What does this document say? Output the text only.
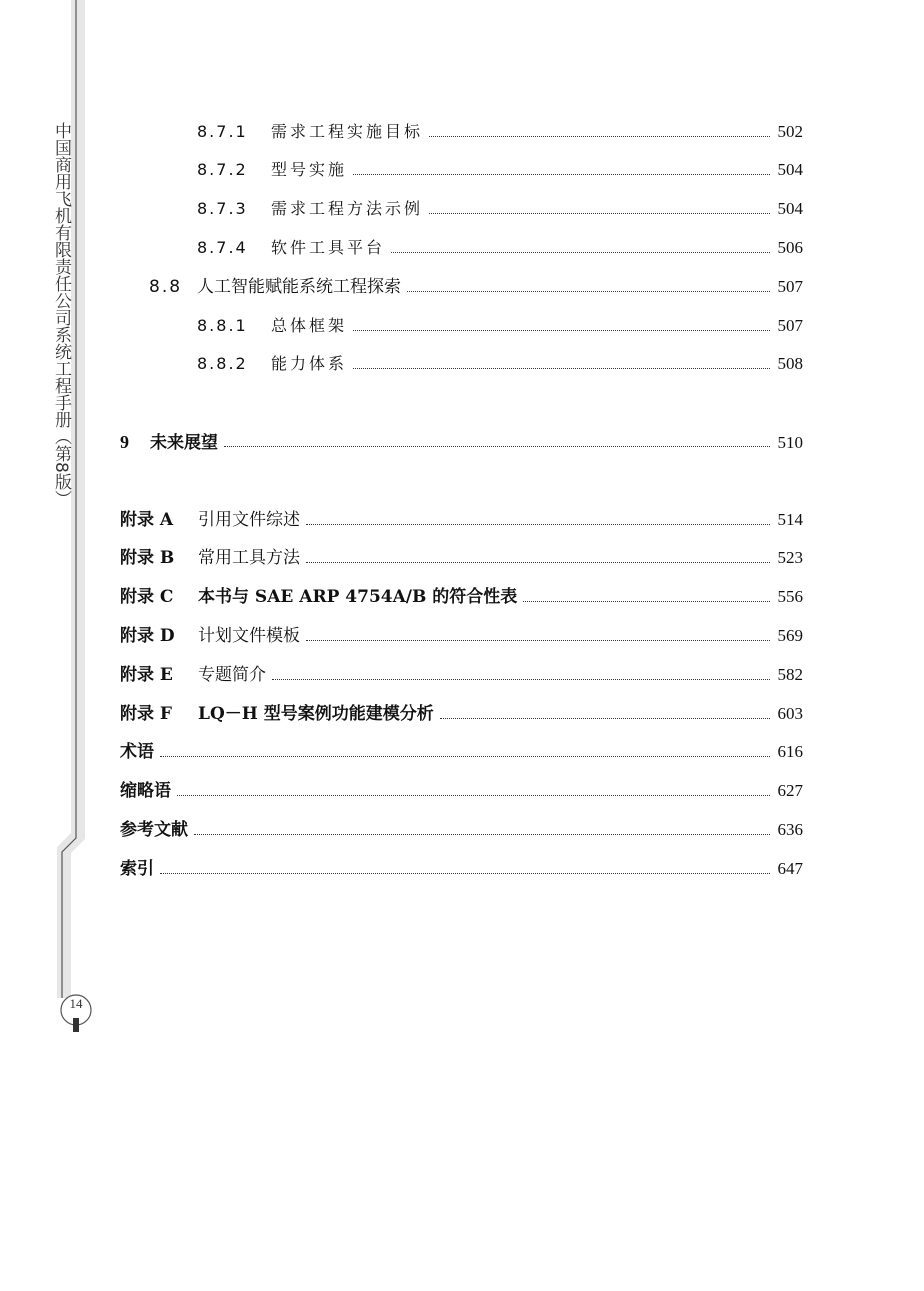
中国商用飞机有限责任公司系统工程手册（第8版）
14
8.7.1	需求工程实施目标	502
8.7.2	型号实施	504
8.7.3	需求工程方法示例	504
8.7.4	软件工具平台	506
8.8 人工智能赋能系统工程探索	507
8.8.1	总体框架	507
8.8.2	能力体系	508
9	未来展望	510
附录 A	引用文件综述	514
附录 B	常用工具方法	523
附录 C	本书与 SAE ARP 4754A/B 的符合性表	556
附录 D	计划文件模板	569
附录 E	专题简介	582
附录 F	LQ－H 型号案例功能建模分析	603
术语	616
缩略语	627
参考文献	636
索引	647
